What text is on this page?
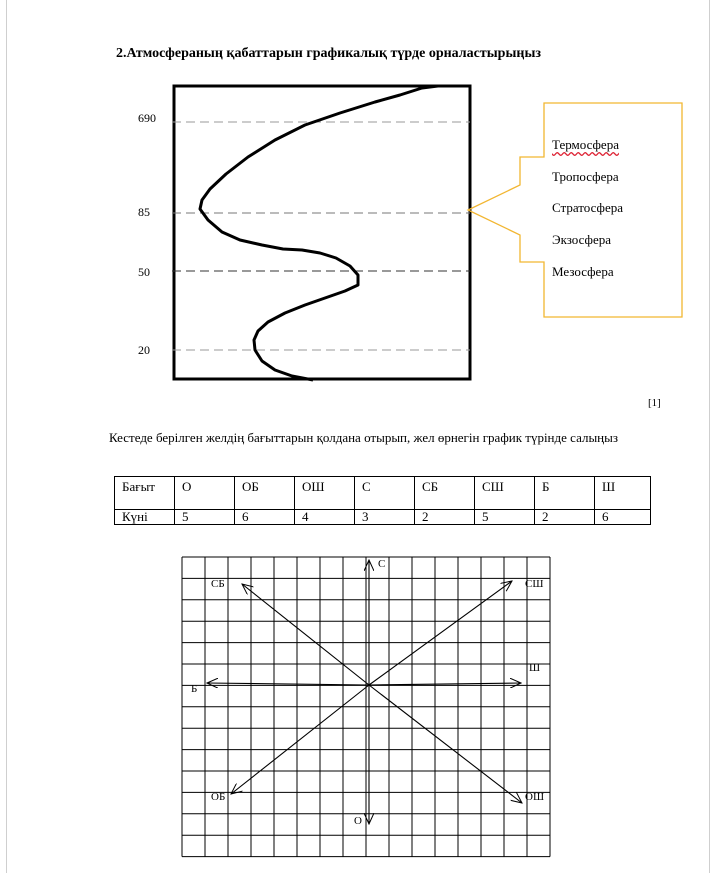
2.Атмосфераның қабаттарын графикалық түрде орналастырыңыз
690
85
50
20
Термосфера
Тропосфера
Стратосфера
Экзосфера
Мезосфера
[1]
Кестеде берілген желдің бағыттарын қолдана отырып, жел өрнегін график түрінде салыңыз
Бағыт	О	ОБ	ОШ	С	СБ	СШ	Б	Ш
Күні	5	6	4	3	2	5	2	6
С
О
Б
Ш
СБ	СШ
ОБ	ОШ
